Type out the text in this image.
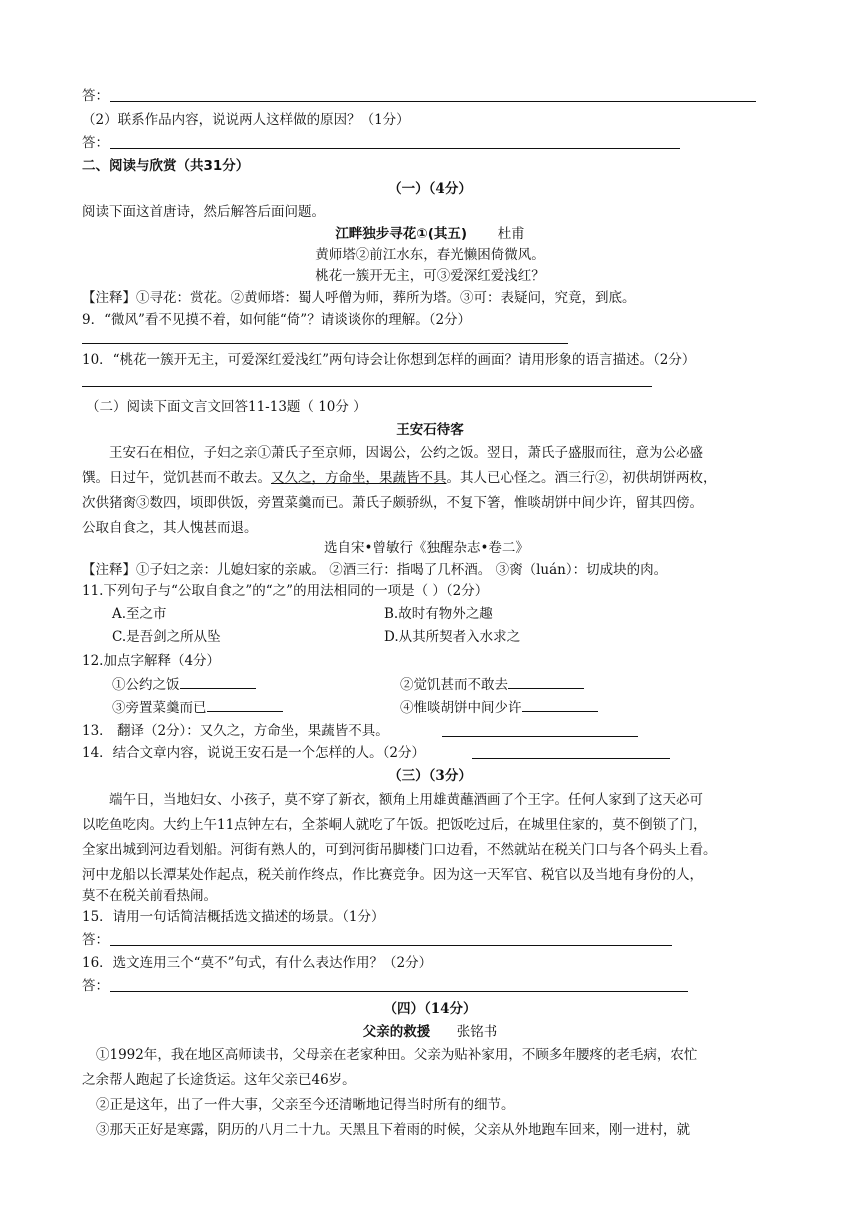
答：
（2）联系作品内容，说说两人这样做的原因？（1分）
答：
二、阅读与欣赏（共31分）
（一）（4分）
阅读下面这首唐诗，然后解答后面问题。
江畔独步寻花①(其五) 杜甫
黄师塔②前江水东，春光懒困倚微风。
桃花一簇开无主，可③爱深红爱浅红？
【注释】①寻花：赏花。②黄师塔：蜀人呼僧为师，葬所为塔。③可：表疑问，究竟，到底。
9．“微风”看不见摸不着，如何能“倚”？请谈谈你的理解。（2分）
10．“桃花一簇开无主，可爱深红爱浅红”两句诗会让你想到怎样的画面？请用形象的语言描述。（2分）
（二）阅读下面文言文回答11-13题（ 10分 ）
王安石待客
王安石在相位，子妇之亲①萧氏子至京师，因谒公，公约之饭。翌日，萧氏子盛服而往，意为公必盛
馔。日过午，觉饥甚而不敢去。又久之，方命坐，果蔬皆不具。其人已心怪之。酒三行②，初供胡饼两枚，
次供猪脔③数四，顷即供饭，旁置菜羹而已。萧氏子颇骄纵，不复下箸，惟啖胡饼中间少许，留其四傍。
公取自食之，其人愧甚而退。
选自宋•曾敏行《独醒杂志•卷二》
【注释】①子妇之亲：儿媳妇家的亲戚。 ②酒三行：指喝了几杯酒。 ③脔（luán）：切成块的肉。
11.下列句子与“公取自食之”的“之”的用法相同的一项是（ ）（2分）
A.至之市	B.故时有物外之趣
C.是吾剑之所从坠	D.从其所契者入水求之
12.加点字解释（4分）
①公约之饭	②觉饥甚而不敢去
③旁置菜羹而已	④惟啖胡饼中间少许
13． 翻译（2分）：又久之，方命坐，果蔬皆不具。
14．结合文章内容，说说王安石是一个怎样的人。（2分）
（三）（3分）
端午日，当地妇女、小孩子，莫不穿了新衣，额角上用雄黄蘸酒画了个王字。任何人家到了这天必可
以吃鱼吃肉。大约上午11点钟左右，全茶峒人就吃了午饭。把饭吃过后，在城里住家的，莫不倒锁了门，
全家出城到河边看划船。河街有熟人的，可到河街吊脚楼门口边看，不然就站在税关门口与各个码头上看。
河中龙船以长潭某处作起点，税关前作终点，作比赛竞争。因为这一天军官、税官以及当地有身份的人，
莫不在税关前看热闹。
15．请用一句话简洁概括选文描述的场景。（1分）
答：
16．选文连用三个“莫不”句式，有什么表达作用？（2分）
答：
（四）（14分）
父亲的救援 张铭书
①1992年，我在地区高师读书，父母亲在老家种田。父亲为贴补家用，不顾多年腰疼的老毛病，农忙
之余帮人跑起了长途货运。这年父亲已46岁。
②正是这年，出了一件大事，父亲至今还清晰地记得当时所有的细节。
③那天正好是寒露，阴历的八月二十九。天黑且下着雨的时候，父亲从外地跑车回来，刚一进村，就
